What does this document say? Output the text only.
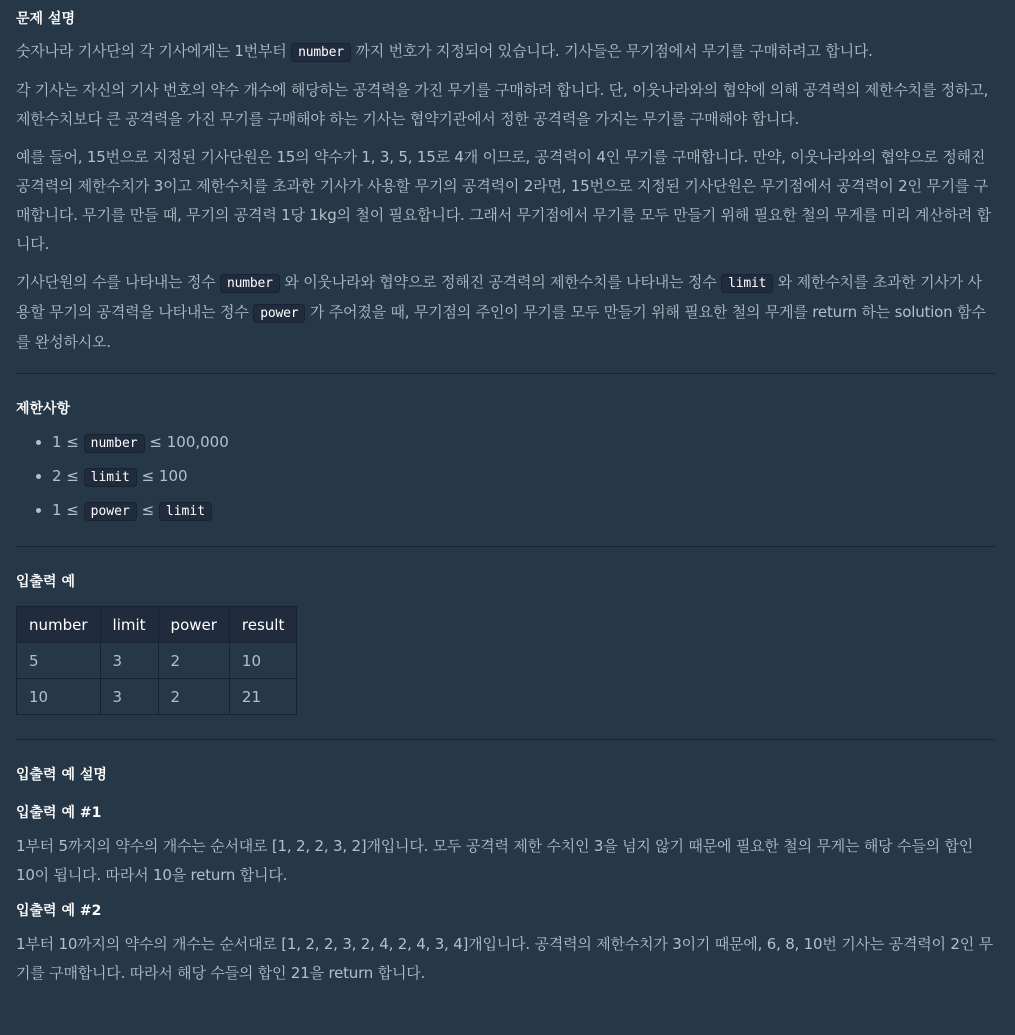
문제 설명

숫자나라 기사단의 각 기사에게는 1번부터 number 까지 번호가 지정되어 있습니다. 기사들은 무기점에서 무기를 구매하려고 합니다.

각 기사는 자신의 기사 번호의 약수 개수에 해당하는 공격력을 가진 무기를 구매하려 합니다. 단, 이웃나라와의 협약에 의해 공격력의 제한수치를 정하고, 제한수치보다 큰 공격력을 가진 무기를 구매해야 하는 기사는 협약기관에서 정한 공격력을 가지는 무기를 구매해야 합니다.

예를 들어, 15번으로 지정된 기사단원은 15의 약수가 1, 3, 5, 15로 4개 이므로, 공격력이 4인 무기를 구매합니다. 만약, 이웃나라와의 협약으로 정해진 공격력의 제한수치가 3이고 제한수치를 초과한 기사가 사용할 무기의 공격력이 2라면, 15번으로 지정된 기사단원은 무기점에서 공격력이 2인 무기를 구매합니다. 무기를 만들 때, 무기의 공격력 1당 1kg의 철이 필요합니다. 그래서 무기점에서 무기를 모두 만들기 위해 필요한 철의 무게를 미리 계산하려 합니다.

기사단원의 수를 나타내는 정수 number 와 이웃나라와 협약으로 정해진 공격력의 제한수치를 나타내는 정수 limit 와 제한수치를 초과한 기사가 사용할 무기의 공격력을 나타내는 정수 power 가 주어졌을 때, 무기점의 주인이 무기를 모두 만들기 위해 필요한 철의 무게를 return 하는 solution 함수를 완성하시오.

제한사항
• 1 ≤ number ≤ 100,000
• 2 ≤ limit ≤ 100
• 1 ≤ power ≤ limit
입출력 예
number	limit	power	result
5	3	2	10
10	3	2	21
입출력 예 설명
입출력 예 #1

1부터 5까지의 약수의 개수는 순서대로 [1, 2, 2, 3, 2]개입니다. 모두 공격력 제한 수치인 3을 넘지 않기 때문에 필요한 철의 무게는 해당 수들의 합인 10이 됩니다. 따라서 10을 return 합니다.

입출력 예 #2

1부터 10까지의 약수의 개수는 순서대로 [1, 2, 2, 3, 2, 4, 2, 4, 3, 4]개입니다. 공격력의 제한수치가 3이기 때문에, 6, 8, 10번 기사는 공격력이 2인 무기를 구매합니다. 따라서 해당 수들의 합인 21을 return 합니다.
